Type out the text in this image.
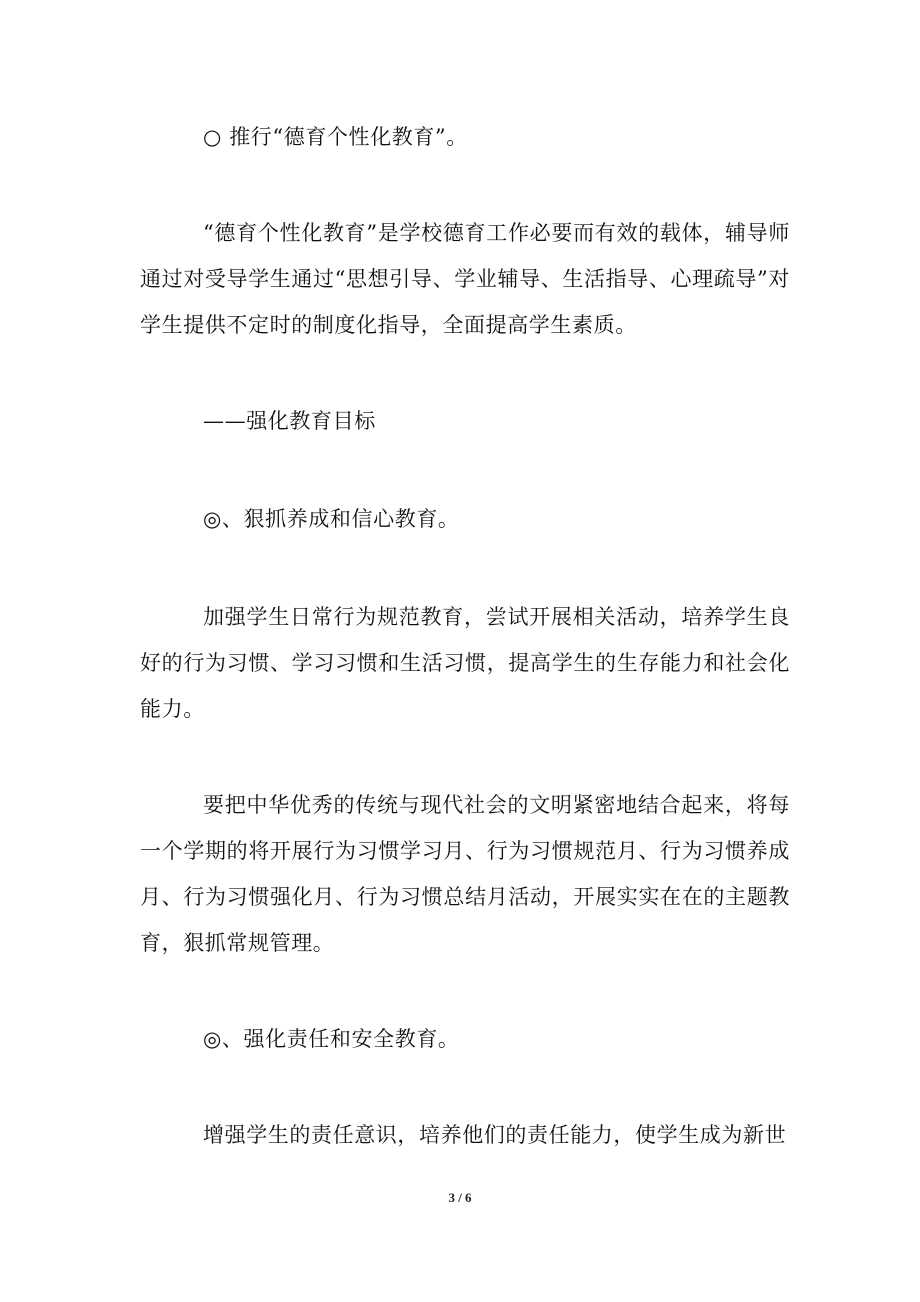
○ 推行“德育个性化教育”。

“德育个性化教育”是学校德育工作必要而有效的载体，辅导师通过对受导学生通过“思想引导、学业辅导、生活指导、心理疏导”对学生提供不定时的制度化指导，全面提高学生素质。

——强化教育目标

◎、狠抓养成和信心教育。

加强学生日常行为规范教育，尝试开展相关活动，培养学生良好的行为习惯、学习习惯和生活习惯，提高学生的生存能力和社会化能力。

要把中华优秀的传统与现代社会的文明紧密地结合起来，将每一个学期的将开展行为习惯学习月、行为习惯规范月、行为习惯养成月、行为习惯强化月、行为习惯总结月活动，开展实实在在的主题教育，狠抓常规管理。

◎、强化责任和安全教育。

增强学生的责任意识，培养他们的责任能力，使学生成为新世

3 / 6
